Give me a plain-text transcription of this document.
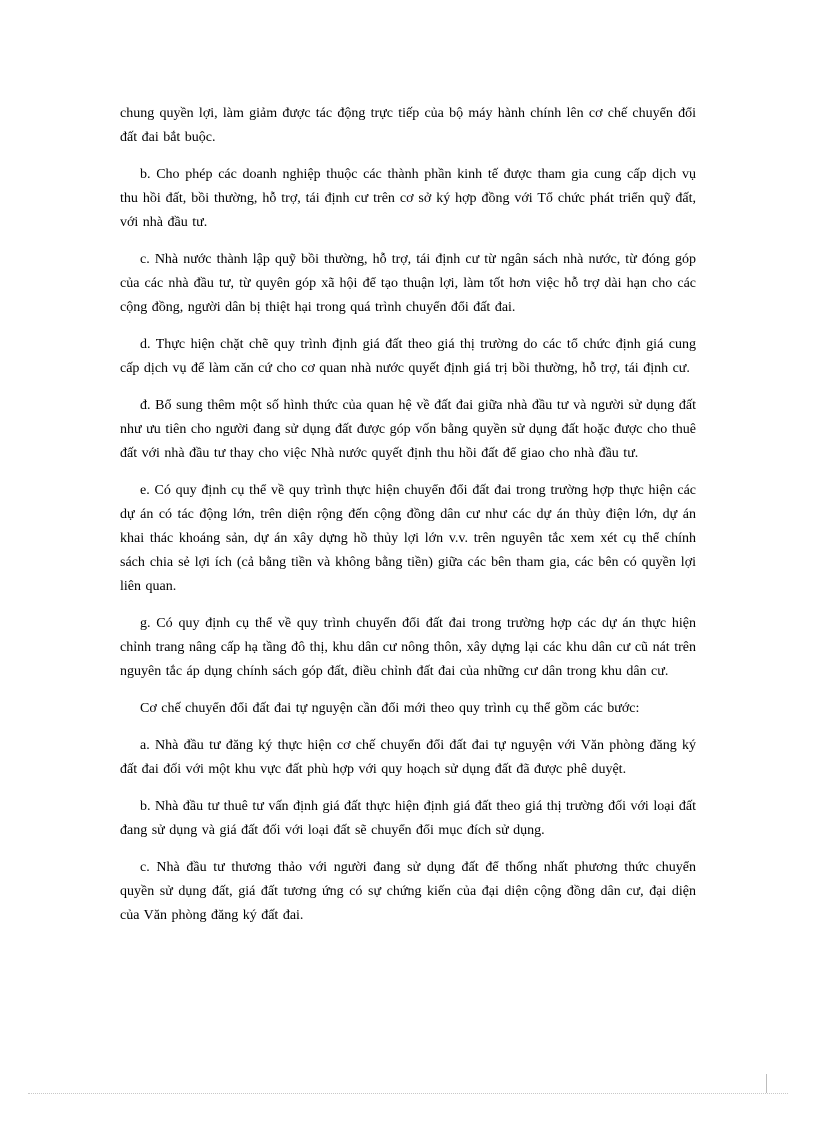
chung quyền lợi, làm giảm được tác động trực tiếp của bộ máy hành chính lên cơ chế chuyển đổi đất đai bắt buộc.

b. Cho phép các doanh nghiệp thuộc các thành phần kinh tế được tham gia cung cấp dịch vụ thu hồi đất, bồi thường, hỗ trợ, tái định cư trên cơ sở ký hợp đồng với Tổ chức phát triển quỹ đất, với nhà đầu tư.

c. Nhà nước thành lập quỹ bồi thường, hỗ trợ, tái định cư từ ngân sách nhà nước, từ đóng góp của các nhà đầu tư, từ quyên góp xã hội để tạo thuận lợi, làm tốt hơn việc hỗ trợ dài hạn cho các cộng đồng, người dân bị thiệt hại trong quá trình chuyển đổi đất đai.

d. Thực hiện chặt chẽ quy trình định giá đất theo giá thị trường do các tổ chức định giá cung cấp dịch vụ để làm căn cứ cho cơ quan nhà nước quyết định giá trị bồi thường, hỗ trợ, tái định cư.

đ. Bổ sung thêm một số hình thức của quan hệ về đất đai giữa nhà đầu tư và người sử dụng đất như ưu tiên cho người đang sử dụng đất được góp vốn bằng quyền sử dụng đất hoặc được cho thuê đất với nhà đầu tư thay cho việc Nhà nước quyết định thu hồi đất để giao cho nhà đầu tư.

e. Có quy định cụ thể về quy trình thực hiện chuyển đổi đất đai trong trường hợp thực hiện các dự án có tác động lớn, trên diện rộng đến cộng đồng dân cư như các dự án thủy điện lớn, dự án khai thác khoáng sản, dự án xây dựng hồ thủy lợi lớn v.v. trên nguyên tắc xem xét cụ thể chính sách chia sẻ lợi ích (cả bằng tiền và không bằng tiền) giữa các bên tham gia, các bên có quyền lợi liên quan.

g. Có quy định cụ thể về quy trình chuyển đổi đất đai trong trường hợp các dự án thực hiện chỉnh trang nâng cấp hạ tầng đô thị, khu dân cư nông thôn, xây dựng lại các khu dân cư cũ nát trên nguyên tắc áp dụng chính sách góp đất, điều chỉnh đất đai của những cư dân trong khu dân cư.

Cơ chế chuyển đổi đất đai tự nguyện cần đổi mới theo quy trình cụ thể gồm các bước:

a. Nhà đầu tư đăng ký thực hiện cơ chế chuyển đổi đất đai tự nguyện với Văn phòng đăng ký đất đai đối với một khu vực đất phù hợp với quy hoạch sử dụng đất đã được phê duyệt.

b. Nhà đầu tư thuê tư vấn định giá đất thực hiện định giá đất theo giá thị trường đối với loại đất đang sử dụng và giá đất đối với loại đất sẽ chuyển đổi mục đích sử dụng.

c. Nhà đầu tư thương thảo với người đang sử dụng đất để thống nhất phương thức chuyển quyền sử dụng đất, giá đất tương ứng có sự chứng kiến của đại diện cộng đồng dân cư, đại diện của Văn phòng đăng ký đất đai.
